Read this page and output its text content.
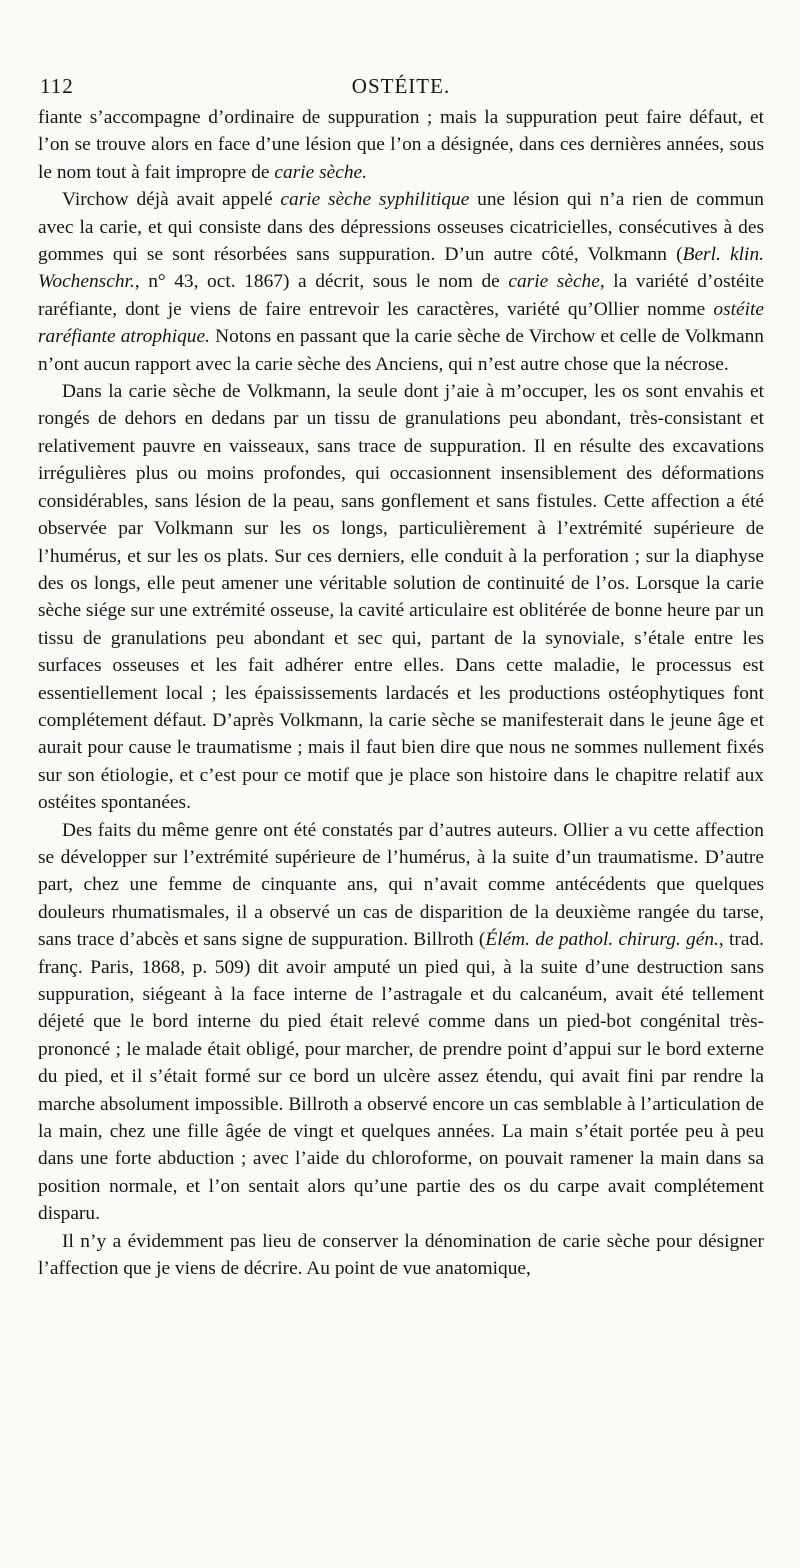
112	OSTÉITE.

fiante s’accompagne d’ordinaire de suppuration ; mais la suppuration peut faire défaut, et l’on se trouve alors en face d’une lésion que l’on a désignée, dans ces dernières années, sous le nom tout à fait impropre de carie sèche.

Virchow déjà avait appelé carie sèche syphilitique une lésion qui n’a rien de commun avec la carie, et qui consiste dans des dépressions osseuses cicatricielles, consécutives à des gommes qui se sont résorbées sans suppuration. D’un autre côté, Volkmann (Berl. klin. Wochenschr., n° 43, oct. 1867) a décrit, sous le nom de carie sèche, la variété d’ostéite raréfiante, dont je viens de faire entrevoir les caractères, variété qu’Ollier nomme ostéite raréfiante atrophique. Notons en passant que la carie sèche de Virchow et celle de Volkmann n’ont aucun rapport avec la carie sèche des Anciens, qui n’est autre chose que la nécrose.

Dans la carie sèche de Volkmann, la seule dont j’aie à m’occuper, les os sont envahis et rongés de dehors en dedans par un tissu de granulations peu abondant, très-consistant et relativement pauvre en vaisseaux, sans trace de suppuration. Il en résulte des excavations irrégulières plus ou moins profondes, qui occasionnent insensiblement des déformations considérables, sans lésion de la peau, sans gonflement et sans fistules. Cette affection a été observée par Volkmann sur les os longs, particulièrement à l’extrémité supérieure de l’humérus, et sur les os plats. Sur ces derniers, elle conduit à la perforation ; sur la diaphyse des os longs, elle peut amener une véritable solution de continuité de l’os. Lorsque la carie sèche siége sur une extrémité osseuse, la cavité articulaire est oblitérée de bonne heure par un tissu de granulations peu abondant et sec qui, partant de la synoviale, s’étale entre les surfaces osseuses et les fait adhérer entre elles. Dans cette maladie, le processus est essentiellement local ; les épaississements lardacés et les productions ostéophytiques font complétement défaut. D’après Volkmann, la carie sèche se manifesterait dans le jeune âge et aurait pour cause le traumatisme ; mais il faut bien dire que nous ne sommes nullement fixés sur son étiologie, et c’est pour ce motif que je place son histoire dans le chapitre relatif aux ostéites spontanées.

Des faits du même genre ont été constatés par d’autres auteurs. Ollier a vu cette affection se développer sur l’extrémité supérieure de l’humérus, à la suite d’un traumatisme. D’autre part, chez une femme de cinquante ans, qui n’avait comme antécédents que quelques douleurs rhumatismales, il a observé un cas de disparition de la deuxième rangée du tarse, sans trace d’abcès et sans signe de suppuration. Billroth (Élém. de pathol. chirurg. gén., trad. franç. Paris, 1868, p. 509) dit avoir amputé un pied qui, à la suite d’une destruction sans suppuration, siégeant à la face interne de l’astragale et du calcanéum, avait été tellement déjeté que le bord interne du pied était relevé comme dans un pied-bot congénital très-prononcé ; le malade était obligé, pour marcher, de prendre point d’appui sur le bord externe du pied, et il s’était formé sur ce bord un ulcère assez étendu, qui avait fini par rendre la marche absolument impossible. Billroth a observé encore un cas semblable à l’articulation de la main, chez une fille âgée de vingt et quelques années. La main s’était portée peu à peu dans une forte abduction ; avec l’aide du chloroforme, on pouvait ramener la main dans sa position normale, et l’on sentait alors qu’une partie des os du carpe avait complétement disparu.

Il n’y a évidemment pas lieu de conserver la dénomination de carie sèche pour désigner l’affection que je viens de décrire. Au point de vue anatomique,
